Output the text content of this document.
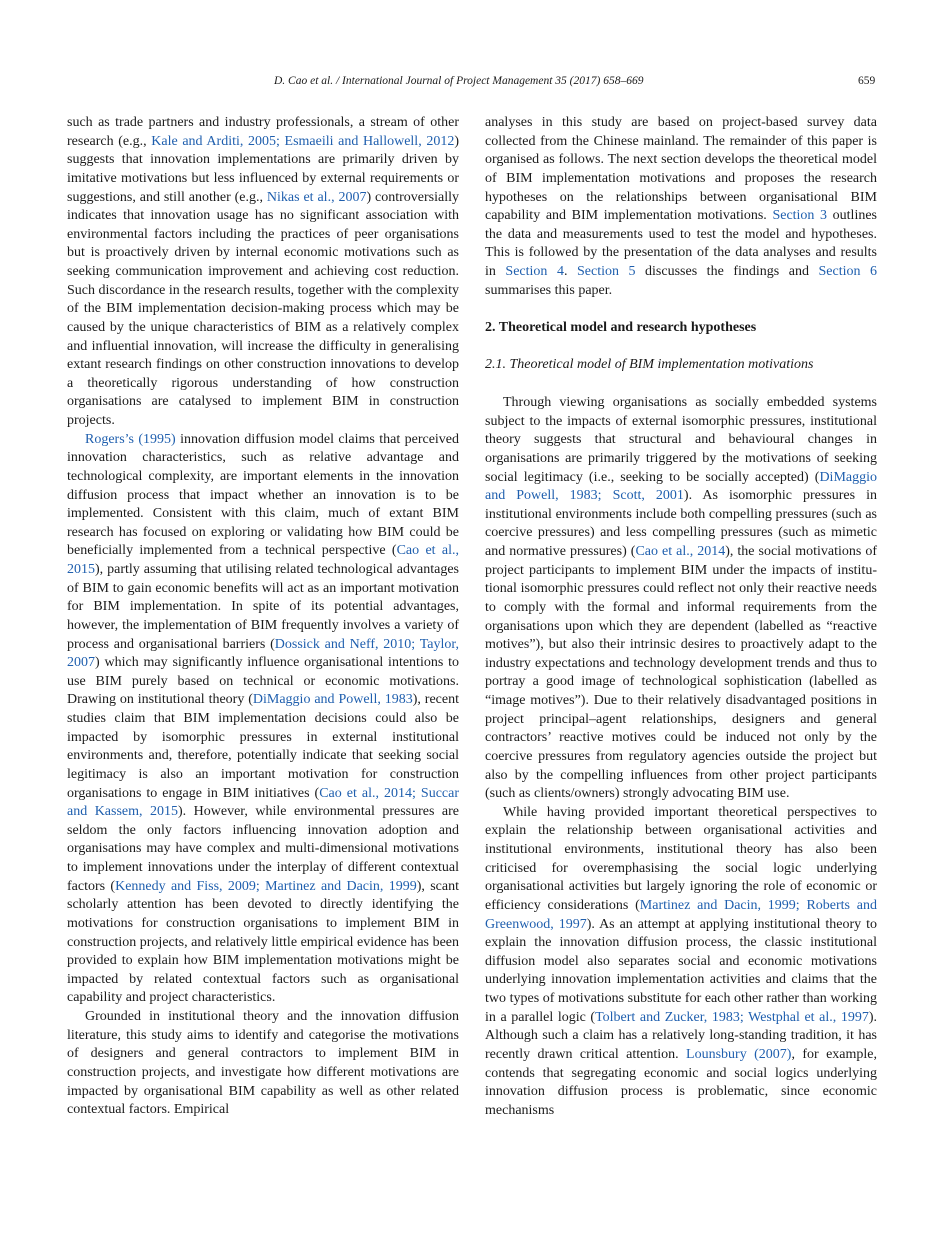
D. Cao et al. / International Journal of Project Management 35 (2017) 658–669	659

such as trade partners and industry professionals, a stream of other research (e.g., Kale and Arditi, 2005; Esmaeili and Hallowell, 2012) suggests that innovation implementations are primarily driven by imitative motivations but less influenced by external requirements or suggestions, and still another (e.g., Nikas et al., 2007) controversially indicates that innovation usage has no significant association with environmental factors including the practices of peer organisations but is proactively driven by internal economic motivations such as seeking communication improvement and achieving cost reduction. Such discordance in the research results, together with the complexity of the BIM implementation decision-making process which may be caused by the unique characteristics of BIM as a relatively complex and influential innovation, will increase the difficulty in generalising extant research findings on other construction innovations to develop a theoretically rigorous understanding of how construction organisations are catalysed to implement BIM in construction projects.

Rogers’s (1995) innovation diffusion model claims that perceived innovation characteristics, such as relative advantage and technological complexity, are important elements in the innovation diffusion process that impact whether an innovation is to be implemented. Consistent with this claim, much of extant BIM research has focused on exploring or validating how BIM could be beneficially implemented from a technical perspective (Cao et al., 2015), partly assuming that utilising related technological advantages of BIM to gain economic benefits will act as an important motivation for BIM implementation. In spite of its potential advantages, however, the implementation of BIM frequently involves a variety of process and organisational barriers (Dossick and Neff, 2010; Taylor, 2007) which may significantly influence organisational intentions to use BIM purely based on technical or economic motivations. Drawing on institutional theory (DiMaggio and Powell, 1983), recent studies claim that BIM implementation decisions could also be impacted by isomorphic pressures in external institutional environments and, therefore, potentially indicate that seeking social legitimacy is also an important motivation for construction organisations to engage in BIM initiatives (Cao et al., 2014; Succar and Kassem, 2015). However, while environmental pressures are seldom the only factors influencing innovation adoption and organisations may have complex and multi-dimensional motivations to implement innovations under the interplay of different contextual factors (Kennedy and Fiss, 2009; Martinez and Dacin, 1999), scant scholarly attention has been devoted to directly identifying the motivations for construction organisations to implement BIM in construction projects, and relatively little empirical evidence has been provided to explain how BIM implementation motivations might be impacted by related contextual factors such as organisational capability and project characteristics.

Grounded in institutional theory and the innovation diffusion literature, this study aims to identify and categorise the motivations of designers and general contractors to implement BIM in construction projects, and investigate how different motivations are impacted by organisational BIM capability as well as other related contextual factors. Empirical

analyses in this study are based on project-based survey data collected from the Chinese mainland. The remainder of this paper is organised as follows. The next section develops the theoretical model of BIM implementation motivations and proposes the research hypotheses on the relationships between organisational BIM capability and BIM implementation motivations. Section 3 outlines the data and measurements used to test the model and hypotheses. This is followed by the presentation of the data analyses and results in Section 4. Section 5 discusses the findings and Section 6 summarises this paper.

2. Theoretical model and research hypotheses
2.1. Theoretical model of BIM implementation motivations

Through viewing organisations as socially embedded systems subject to the impacts of external isomorphic pressures, institutional theory suggests that structural and behavioural changes in organisations are primarily triggered by the motivations of seeking social legitimacy (i.e., seeking to be socially accepted) (DiMaggio and Powell, 1983; Scott, 2001). As isomorphic pressures in institutional environments include both compelling pressures (such as coercive pressures) and less compelling pressures (such as mimetic and normative pressures) (Cao et al., 2014), the social motivations of project participants to implement BIM under the impacts of institutional isomorphic pressures could reflect not only their reactive needs to comply with the formal and informal requirements from the organisations upon which they are dependent (labelled as “reactive motives”), but also their intrinsic desires to proactively adapt to the industry expectations and technology development trends and thus to portray a good image of technological sophistication (labelled as “image motives”). Due to their relatively disadvantaged positions in project principal–agent relationships, designers and general contractors’ reactive motives could be induced not only by the coercive pressures from regulatory agencies outside the project but also by the compelling influences from other project participants (such as clients/owners) strongly advocating BIM use.

While having provided important theoretical perspectives to explain the relationship between organisational activities and institutional environments, institutional theory has also been criticised for overemphasising the social logic underlying organisational activities but largely ignoring the role of economic or efficiency considerations (Martinez and Dacin, 1999; Roberts and Greenwood, 1997). As an attempt at applying institutional theory to explain the innovation diffusion process, the classic institutional diffusion model also separates social and economic motivations underlying innovation implementation activities and claims that the two types of motivations substitute for each other rather than working in a parallel logic (Tolbert and Zucker, 1983; Westphal et al., 1997). Although such a claim has a relatively long-standing tradition, it has recently drawn critical attention. Lounsbury (2007), for example, contends that segregating economic and social logics underlying innovation diffusion process is problematic, since economic mechanisms
